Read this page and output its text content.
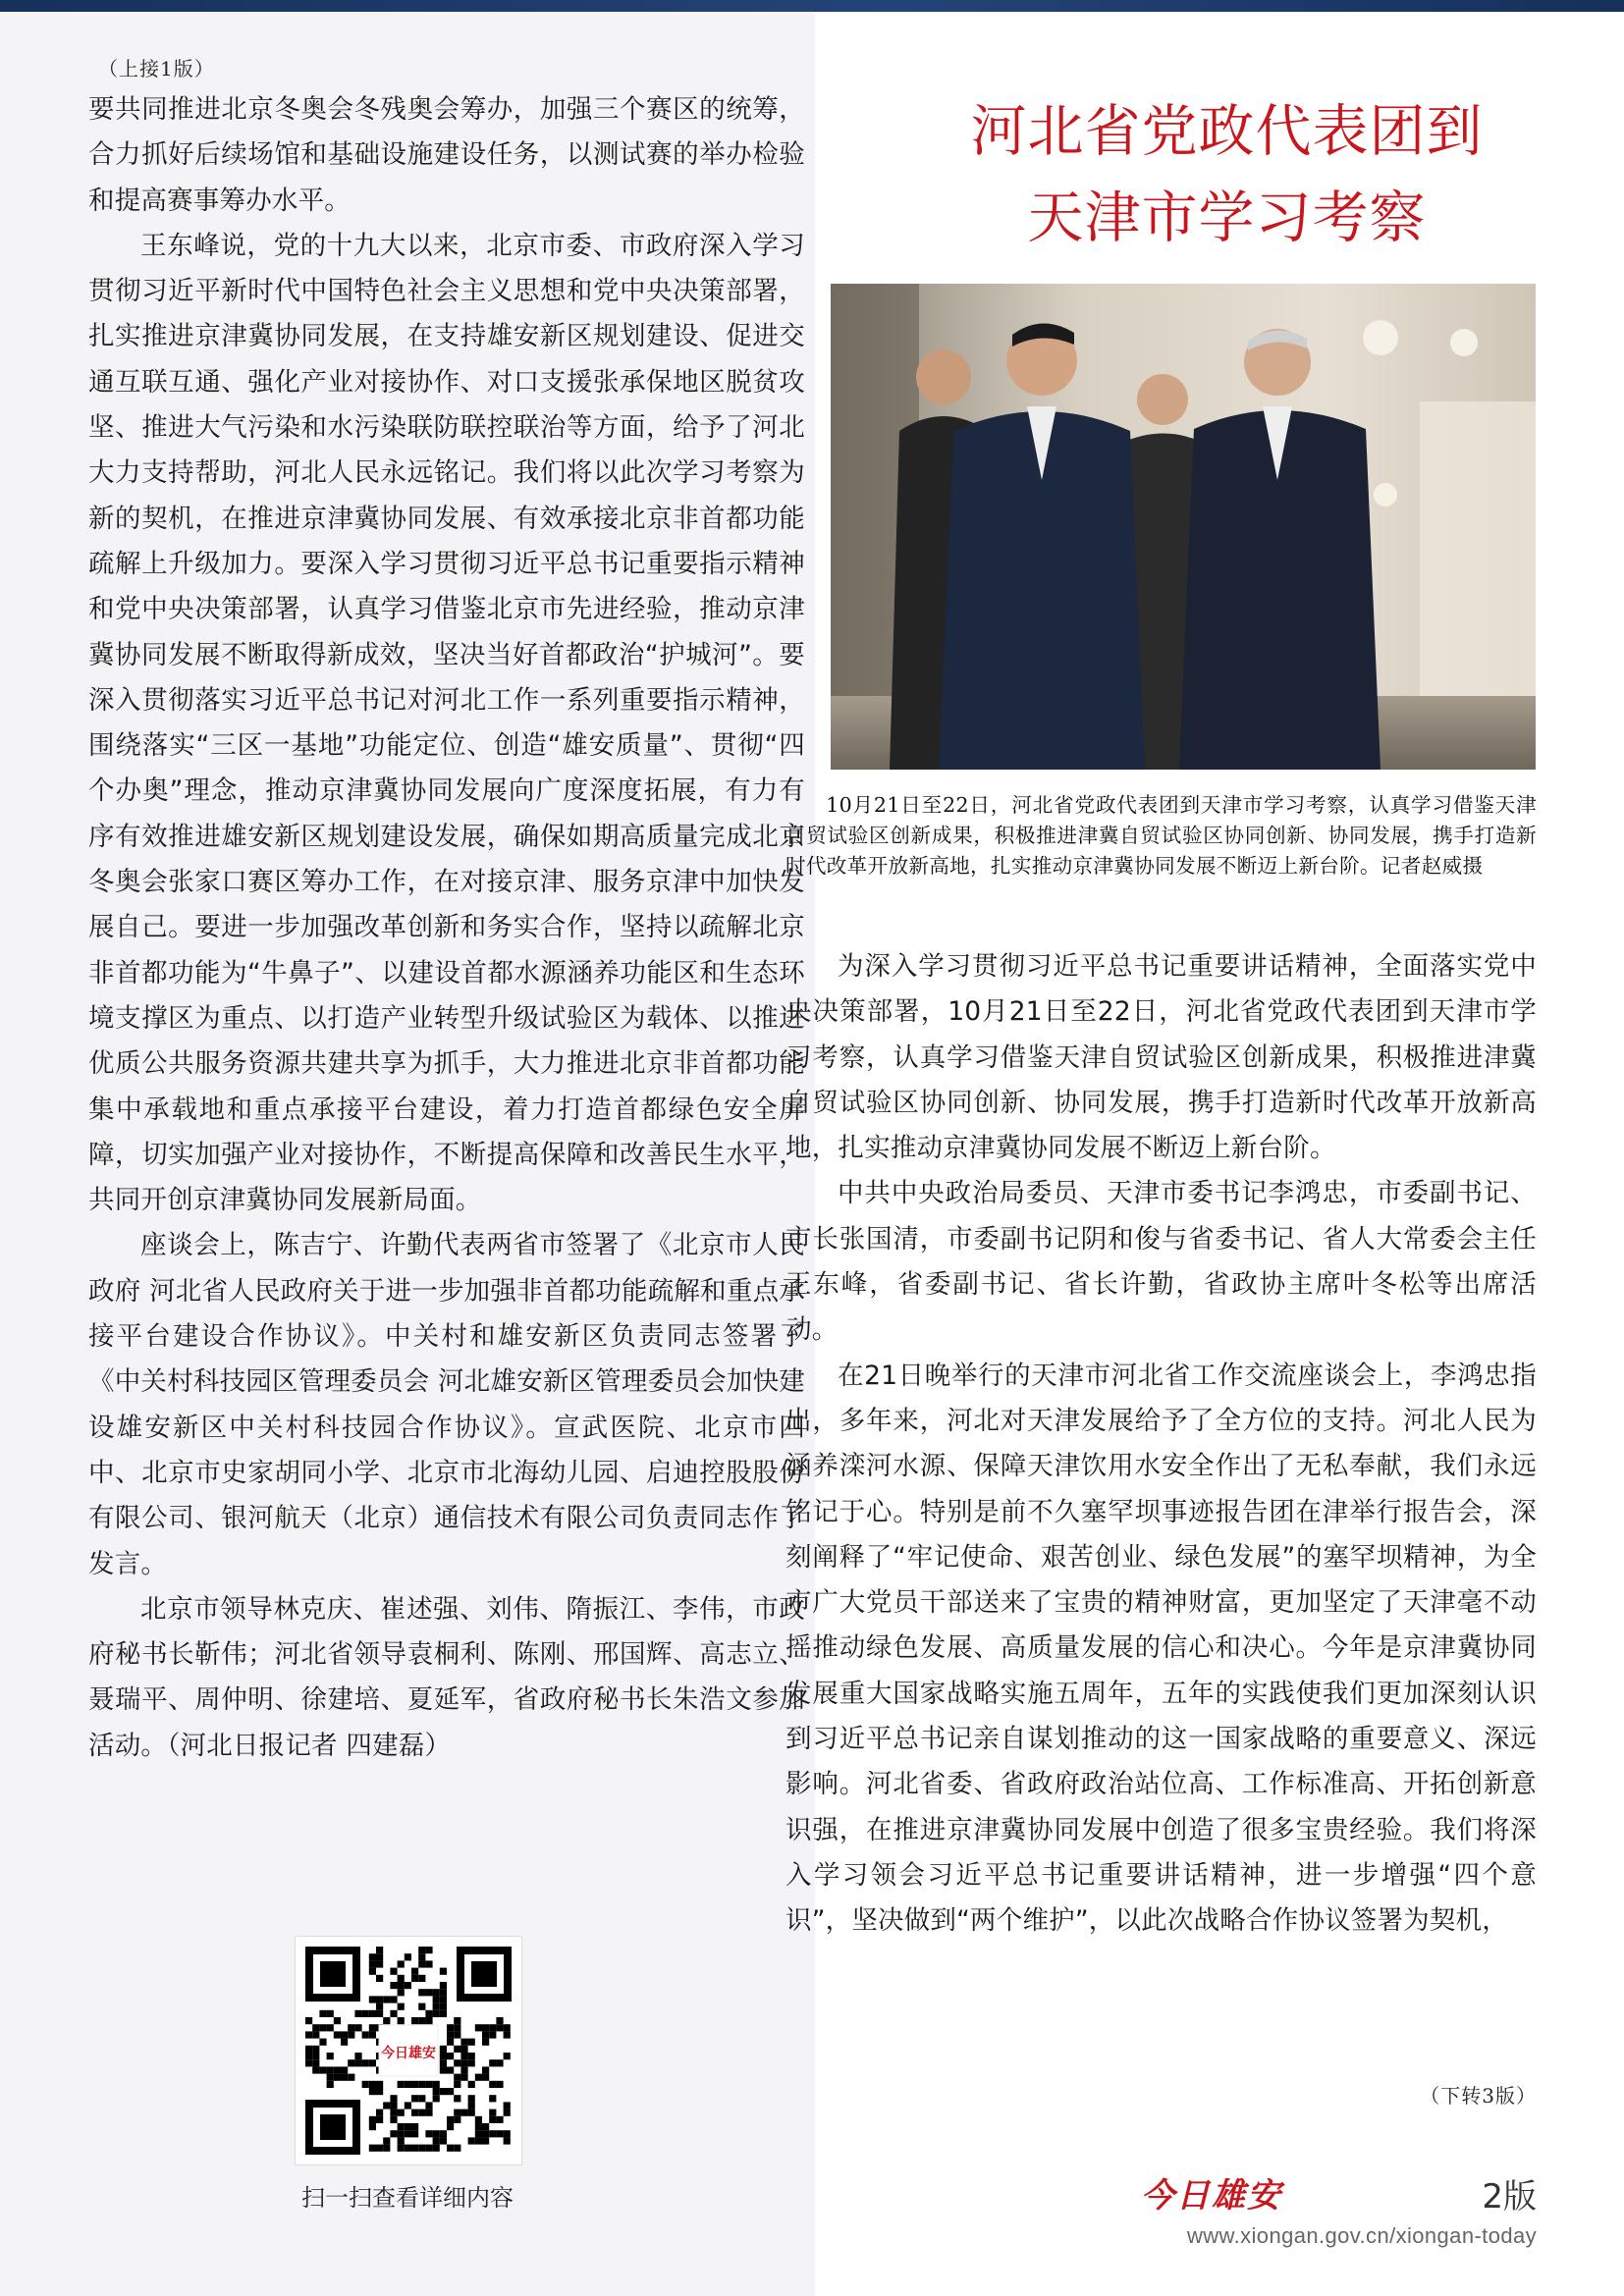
（上接1版）

要共同推进北京冬奥会冬残奥会筹办，加强三个赛区的统筹，合力抓好后续场馆和基础设施建设任务，以测试赛的举办检验和提高赛事筹办水平。

王东峰说，党的十九大以来，北京市委、市政府深入学习贯彻习近平新时代中国特色社会主义思想和党中央决策部署，扎实推进京津冀协同发展，在支持雄安新区规划建设、促进交通互联互通、强化产业对接协作、对口支援张承保地区脱贫攻坚、推进大气污染和水污染联防联控联治等方面，给予了河北大力支持帮助，河北人民永远铭记。我们将以此次学习考察为新的契机，在推进京津冀协同发展、有效承接北京非首都功能疏解上升级加力。要深入学习贯彻习近平总书记重要指示精神和党中央决策部署，认真学习借鉴北京市先进经验，推动京津冀协同发展不断取得新成效，坚决当好首都政治“护城河”。要深入贯彻落实习近平总书记对河北工作一系列重要指示精神，围绕落实“三区一基地”功能定位、创造“雄安质量”、贯彻“四个办奥”理念，推动京津冀协同发展向广度深度拓展，有力有序有效推进雄安新区规划建设发展，确保如期高质量完成北京冬奥会张家口赛区筹办工作，在对接京津、服务京津中加快发展自己。要进一步加强改革创新和务实合作，坚持以疏解北京非首都功能为“牛鼻子”、以建设首都水源涵养功能区和生态环境支撑区为重点、以打造产业转型升级试验区为载体、以推进优质公共服务资源共建共享为抓手，大力推进北京非首都功能集中承载地和重点承接平台建设，着力打造首都绿色安全屏障，切实加强产业对接协作，不断提高保障和改善民生水平，共同开创京津冀协同发展新局面。

座谈会上，陈吉宁、许勤代表两省市签署了《北京市人民政府 河北省人民政府关于进一步加强非首都功能疏解和重点承接平台建设合作协议》。中关村和雄安新区负责同志签署了《中关村科技园区管理委员会 河北雄安新区管理委员会加快建设雄安新区中关村科技园合作协议》。宣武医院、北京市四中、北京市史家胡同小学、北京市北海幼儿园、启迪控股股份有限公司、银河航天（北京）通信技术有限公司负责同志作了发言。

北京市领导林克庆、崔述强、刘伟、隋振江、李伟，市政府秘书长靳伟；河北省领导袁桐利、陈刚、邢国辉、高志立、聂瑞平、周仲明、徐建培、夏延军，省政府秘书长朱浩文参加活动。（河北日报记者 四建磊）

今日雄安
扫一扫查看详细内容
河北省党政代表团到
天津市学习考察
10月21日至22日，河北省党政代表团到天津市学习考察，认真学习借鉴天津自贸试验区创新成果，积极推进津冀自贸试验区协同创新、协同发展，携手打造新时代改革开放新高地，扎实推动京津冀协同发展不断迈上新台阶。记者赵威摄

为深入学习贯彻习近平总书记重要讲话精神，全面落实党中央决策部署，10月21日至22日，河北省党政代表团到天津市学习考察，认真学习借鉴天津自贸试验区创新成果，积极推进津冀自贸试验区协同创新、协同发展，携手打造新时代改革开放新高地，扎实推动京津冀协同发展不断迈上新台阶。

中共中央政治局委员、天津市委书记李鸿忠，市委副书记、市长张国清，市委副书记阴和俊与省委书记、省人大常委会主任王东峰，省委副书记、省长许勤，省政协主席叶冬松等出席活动。

在21日晚举行的天津市河北省工作交流座谈会上，李鸿忠指出，多年来，河北对天津发展给予了全方位的支持。河北人民为涵养滦河水源、保障天津饮用水安全作出了无私奉献，我们永远铭记于心。特别是前不久塞罕坝事迹报告团在津举行报告会，深刻阐释了“牢记使命、艰苦创业、绿色发展”的塞罕坝精神，为全市广大党员干部送来了宝贵的精神财富，更加坚定了天津毫不动摇推动绿色发展、高质量发展的信心和决心。今年是京津冀协同发展重大国家战略实施五周年，五年的实践使我们更加深刻认识到习近平总书记亲自谋划推动的这一国家战略的重要意义、深远影响。河北省委、省政府政治站位高、工作标准高、开拓创新意识强，在推进京津冀协同发展中创造了很多宝贵经验。我们将深入学习领会习近平总书记重要讲话精神，进一步增强“四个意识”，坚决做到“两个维护”，以此次战略合作协议签署为契机，

（下转3版）
今日雄安	2版
www.xiongan.gov.cn/xiongan-today
